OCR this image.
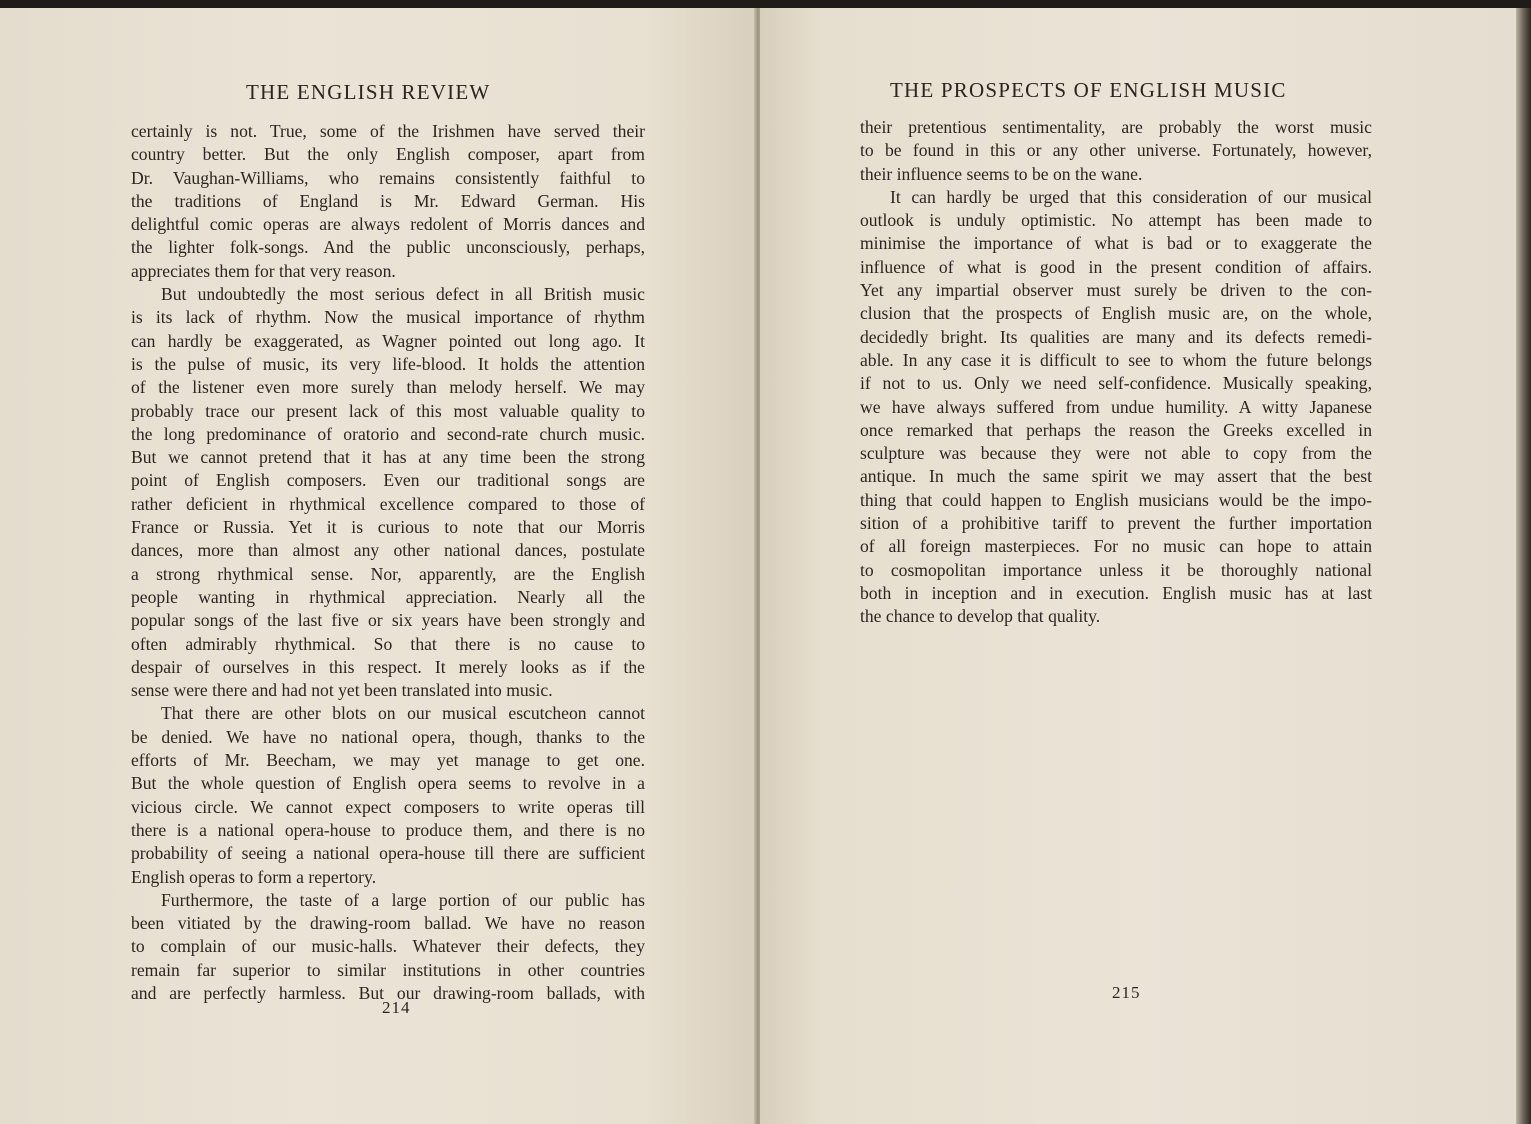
THE ENGLISH REVIEW
certainly is not. True, some of the Irishmen have served their
country better. But the only English composer, apart from
Dr. Vaughan-Williams, who remains consistently faithful to
the traditions of England is Mr. Edward German. His
delightful comic operas are always redolent of Morris dances and
the lighter folk-songs. And the public unconsciously, perhaps,
appreciates them for that very reason.
But undoubtedly the most serious defect in all British music
is its lack of rhythm. Now the musical importance of rhythm
can hardly be exaggerated, as Wagner pointed out long ago. It
is the pulse of music, its very life-blood. It holds the attention
of the listener even more surely than melody herself. We may
probably trace our present lack of this most valuable quality to
the long predominance of oratorio and second-rate church music.
But we cannot pretend that it has at any time been the strong
point of English composers. Even our traditional songs are
rather deficient in rhythmical excellence compared to those of
France or Russia. Yet it is curious to note that our Morris
dances, more than almost any other national dances, postulate
a strong rhythmical sense. Nor, apparently, are the English
people wanting in rhythmical appreciation. Nearly all the
popular songs of the last five or six years have been strongly and
often admirably rhythmical. So that there is no cause to
despair of ourselves in this respect. It merely looks as if the
sense were there and had not yet been translated into music.
That there are other blots on our musical escutcheon cannot
be denied. We have no national opera, though, thanks to the
efforts of Mr. Beecham, we may yet manage to get one.
But the whole question of English opera seems to revolve in a
vicious circle. We cannot expect composers to write operas till
there is a national opera-house to produce them, and there is no
probability of seeing a national opera-house till there are sufficient
English operas to form a repertory.
Furthermore, the taste of a large portion of our public has
been vitiated by the drawing-room ballad. We have no reason
to complain of our music-halls. Whatever their defects, they
remain far superior to similar institutions in other countries
and are perfectly harmless. But our drawing-room ballads, with
214
THE PROSPECTS OF ENGLISH MUSIC
their pretentious sentimentality, are probably the worst music
to be found in this or any other universe. Fortunately, however,
their influence seems to be on the wane.
It can hardly be urged that this consideration of our musical
outlook is unduly optimistic. No attempt has been made to
minimise the importance of what is bad or to exaggerate the
influence of what is good in the present condition of affairs.
Yet any impartial observer must surely be driven to the con-
clusion that the prospects of English music are, on the whole,
decidedly bright. Its qualities are many and its defects remedi-
able. In any case it is difficult to see to whom the future belongs
if not to us. Only we need self-confidence. Musically speaking,
we have always suffered from undue humility. A witty Japanese
once remarked that perhaps the reason the Greeks excelled in
sculpture was because they were not able to copy from the
antique. In much the same spirit we may assert that the best
thing that could happen to English musicians would be the impo-
sition of a prohibitive tariff to prevent the further importation
of all foreign masterpieces. For no music can hope to attain
to cosmopolitan importance unless it be thoroughly national
both in inception and in execution. English music has at last
the chance to develop that quality.
215
